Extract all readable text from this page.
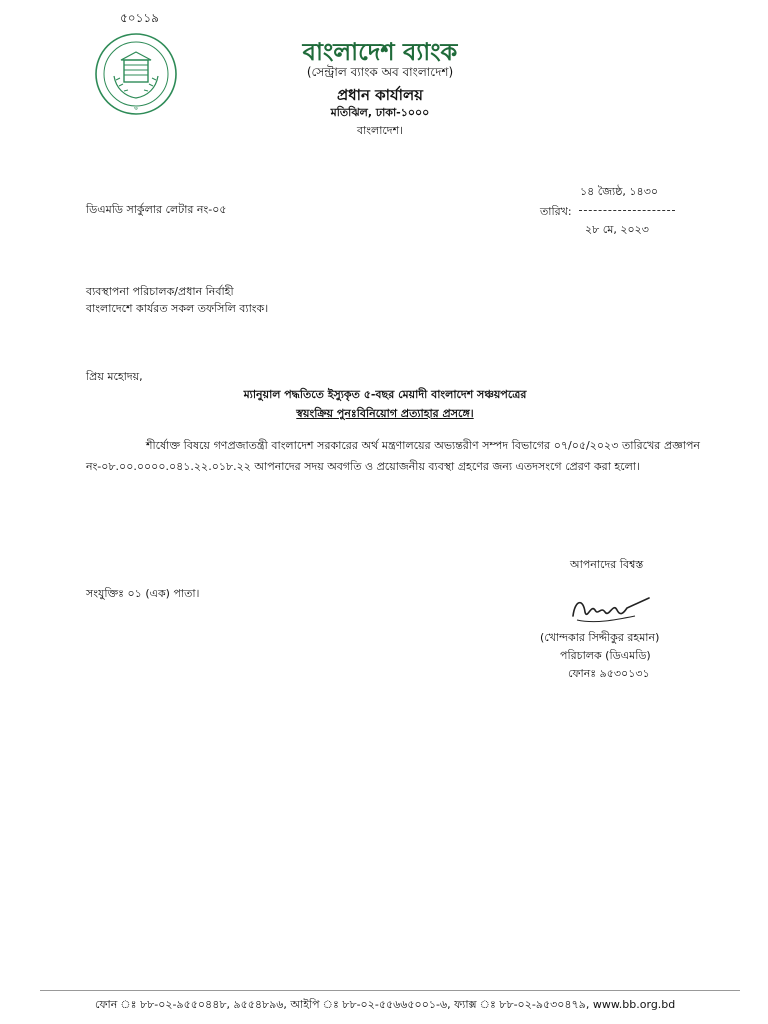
৫০১১৯
ক্ষ
বাংলাদেশ ব্যাংক
(সেন্ট্রাল ব্যাংক অব বাংলাদেশ)
প্রধান কার্যালয়
মতিঝিল, ঢাকা-১০০০
বাংলাদেশ।
ডিএমডি সার্কুলার লেটার নং-০৫
১৪ জ্যৈষ্ঠ, ১৪৩০
তারিখ:
২৮ মে, ২০২৩
ব্যবস্থাপনা পরিচালক/প্রধান নির্বাহী
বাংলাদেশে কার্যরত সকল তফসিলি ব্যাংক।
প্রিয় মহোদয়,
ম্যানুয়াল পদ্ধতিতে ইস্যুকৃত ৫-বছর মেয়াদী বাংলাদেশ সঞ্চয়পত্রের
স্বয়ংক্রিয় পুনঃবিনিয়োগ প্রত্যাহার প্রসঙ্গে।
শীর্ষোক্ত বিষয়ে গণপ্রজাতন্ত্রী বাংলাদেশ সরকারের অর্থ মন্ত্রণালয়ের অভ্যন্তরীণ সম্পদ বিভাগের ০৭/০৫/২০২৩ তারিখের প্রজ্ঞাপন নং-০৮.০০.০০০০.০৪১.২২.০১৮.২২ আপনাদের সদয় অবগতি ও প্রয়োজনীয় ব্যবস্থা গ্রহণের জন্য এতদসংগে প্রেরণ করা হলো।
আপনাদের বিশ্বস্ত
সংযুক্তিঃ ০১ (এক) পাতা।
(খোন্দকার সিদ্দীকুর রহমান)
পরিচালক (ডিএমডি)
ফোনঃ ৯৫৩০১৩১
ফোন ঃ ৮৮-০২-৯৫৫০৪৪৮, ৯৫৫৪৮৯৬, আইপি ঃ ৮৮-০২-৫৫৬৬৫০০১-৬, ফ্যাক্স ঃ ৮৮-০২-৯৫৩০৪৭৯, www.bb.org.bd
